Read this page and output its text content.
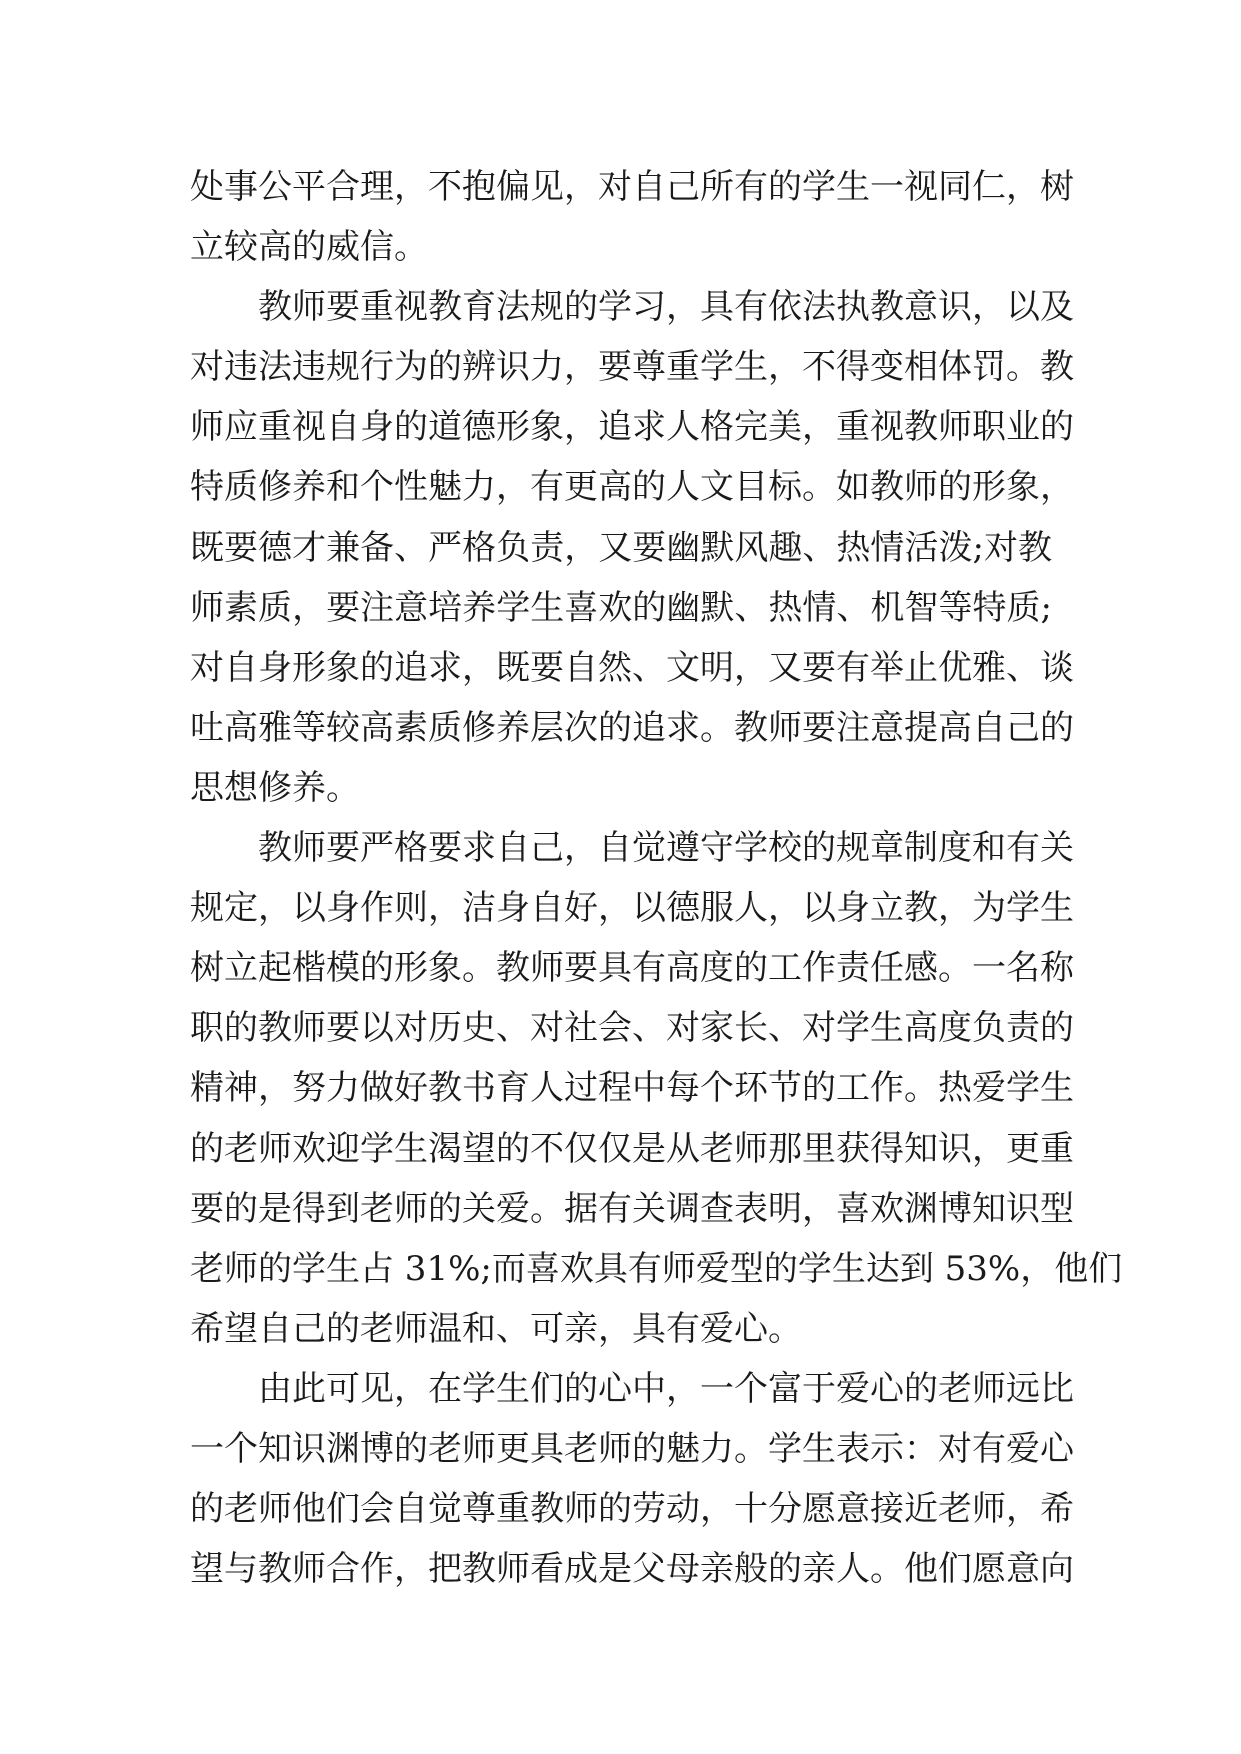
处事公平合理，不抱偏见，对自己所有的学生一视同仁，树
立较高的威信。
教师要重视教育法规的学习，具有依法执教意识，以及
对违法违规行为的辨识力，要尊重学生，不得变相体罚。教
师应重视自身的道德形象，追求人格完美，重视教师职业的
特质修养和个性魅力，有更高的人文目标。如教师的形象，
既要德才兼备、严格负责，又要幽默风趣、热情活泼;对教
师素质，要注意培养学生喜欢的幽默、热情、机智等特质;
对自身形象的追求，既要自然、文明，又要有举止优雅、谈
吐高雅等较高素质修养层次的追求。教师要注意提高自己的
思想修养。
教师要严格要求自己，自觉遵守学校的规章制度和有关
规定，以身作则，洁身自好，以德服人，以身立教，为学生
树立起楷模的形象。教师要具有高度的工作责任感。一名称
职的教师要以对历史、对社会、对家长、对学生高度负责的
精神，努力做好教书育人过程中每个环节的工作。热爱学生
的老师欢迎学生渴望的不仅仅是从老师那里获得知识，更重
要的是得到老师的关爱。据有关调查表明，喜欢渊博知识型
老师的学生占 31%;而喜欢具有师爱型的学生达到 53%，他们
希望自己的老师温和、可亲，具有爱心。
由此可见，在学生们的心中，一个富于爱心的老师远比
一个知识渊博的老师更具老师的魅力。学生表示：对有爱心
的老师他们会自觉尊重教师的劳动，十分愿意接近老师，希
望与教师合作，把教师看成是父母亲般的亲人。他们愿意向
